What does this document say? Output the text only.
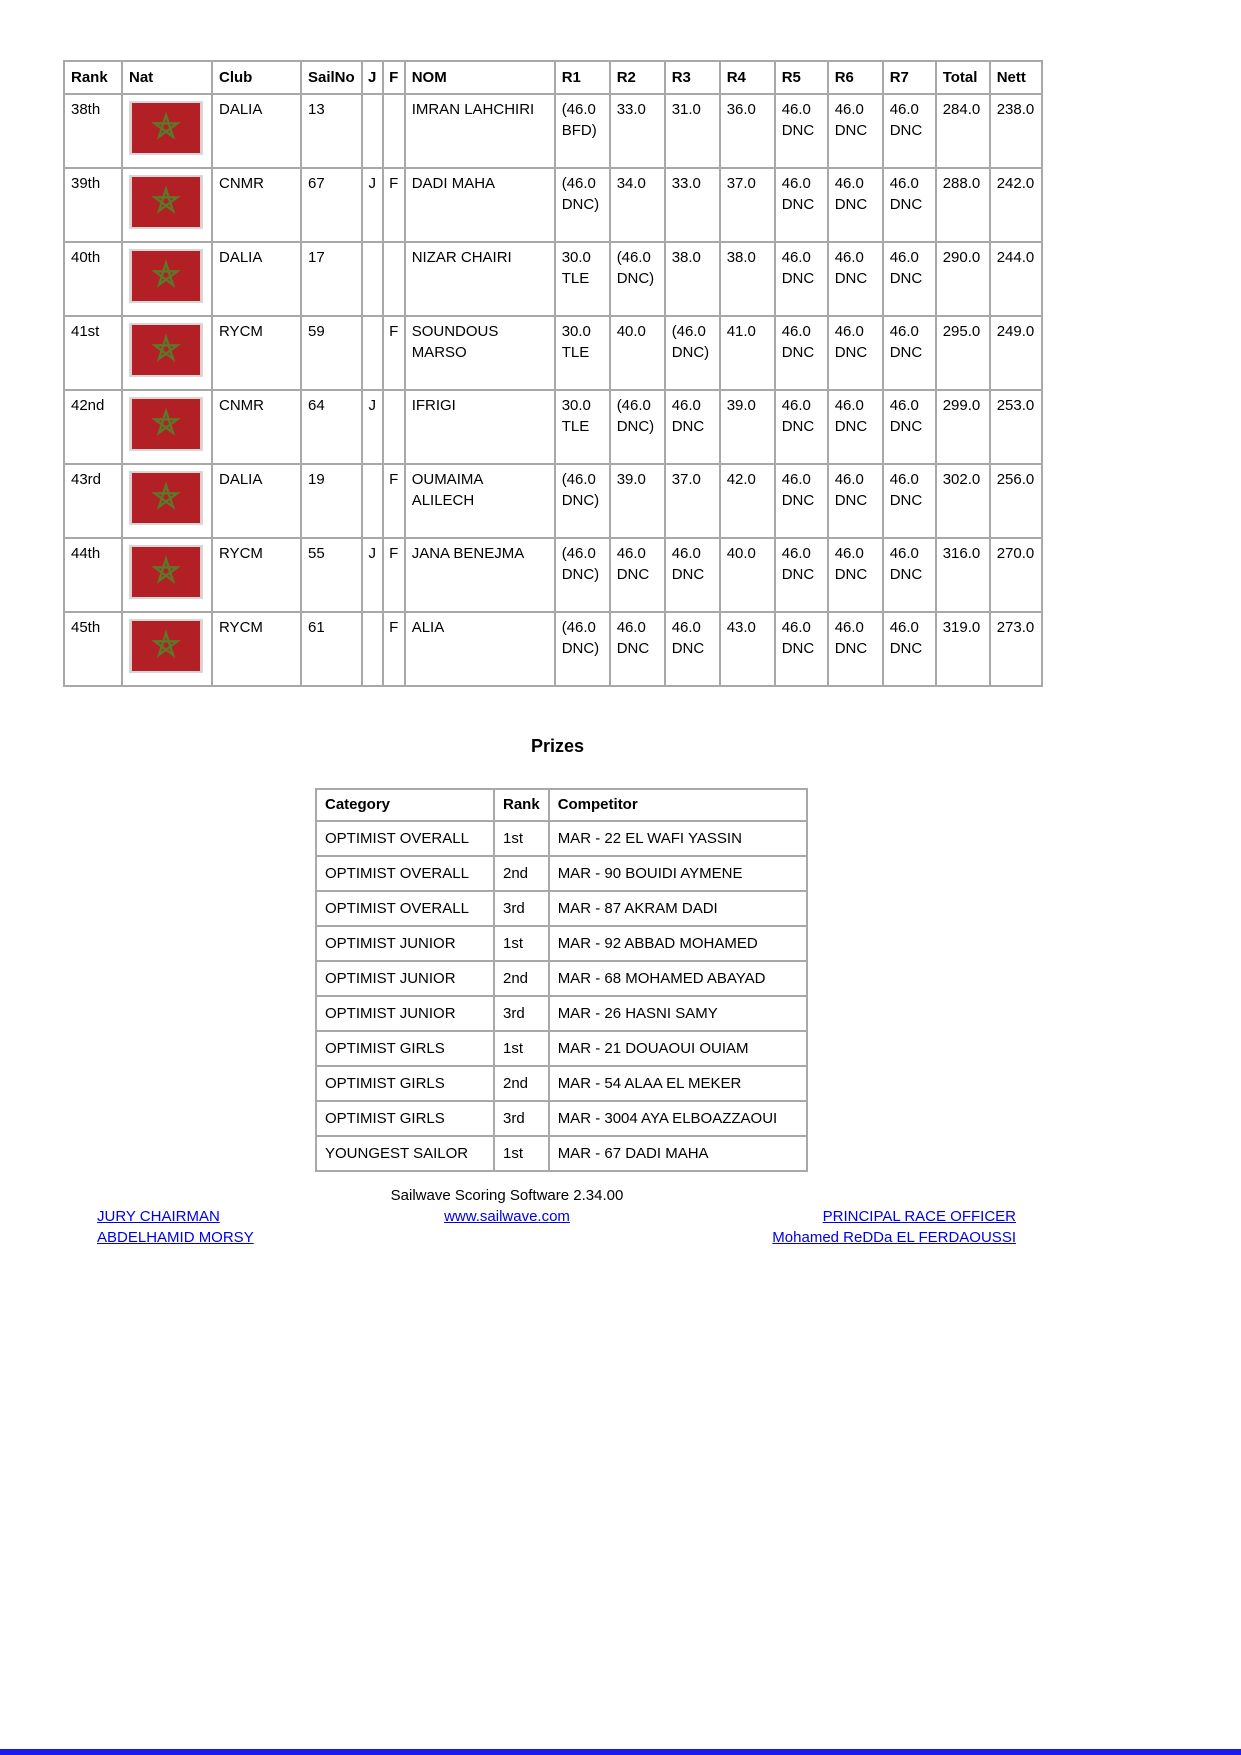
Rank	Nat	Club	SailNo	J	F	NOM	R1	R2	R3	R4	R5	R6	R7	Total	Nett
38th		DALIA	13			IMRAN LAHCHIRI	(46.0 BFD)	33.0	31.0	36.0	46.0 DNC	46.0 DNC	46.0 DNC	284.0	238.0
39th		CNMR	67	J	F	DADI MAHA	(46.0 DNC)	34.0	33.0	37.0	46.0 DNC	46.0 DNC	46.0 DNC	288.0	242.0
40th		DALIA	17			NIZAR CHAIRI	30.0 TLE	(46.0 DNC)	38.0	38.0	46.0 DNC	46.0 DNC	46.0 DNC	290.0	244.0
41st		RYCM	59		F	SOUNDOUS MARSO	30.0 TLE	40.0	(46.0 DNC)	41.0	46.0 DNC	46.0 DNC	46.0 DNC	295.0	249.0
42nd		CNMR	64	J		IFRIGI	30.0 TLE	(46.0 DNC)	46.0 DNC	39.0	46.0 DNC	46.0 DNC	46.0 DNC	299.0	253.0
43rd		DALIA	19		F	OUMAIMA ALILECH	(46.0 DNC)	39.0	37.0	42.0	46.0 DNC	46.0 DNC	46.0 DNC	302.0	256.0
44th		RYCM	55	J	F	JANA BENEJMA	(46.0 DNC)	46.0 DNC	46.0 DNC	40.0	46.0 DNC	46.0 DNC	46.0 DNC	316.0	270.0
45th		RYCM	61		F	ALIA	(46.0 DNC)	46.0 DNC	46.0 DNC	43.0	46.0 DNC	46.0 DNC	46.0 DNC	319.0	273.0
Prizes
Category	Rank	Competitor
OPTIMIST OVERALL	1st	MAR - 22 EL WAFI YASSIN
OPTIMIST OVERALL	2nd	MAR - 90 BOUIDI AYMENE
OPTIMIST OVERALL	3rd	MAR - 87 AKRAM DADI
OPTIMIST JUNIOR	1st	MAR - 92 ABBAD MOHAMED
OPTIMIST JUNIOR	2nd	MAR - 68 MOHAMED ABAYAD
OPTIMIST JUNIOR	3rd	MAR - 26 HASNI SAMY
OPTIMIST GIRLS	1st	MAR - 21 DOUAOUI OUIAM
OPTIMIST GIRLS	2nd	MAR - 54 ALAA EL MEKER
OPTIMIST GIRLS	3rd	MAR - 3004 AYA ELBOAZZAOUI
YOUNGEST SAILOR	1st	MAR - 67 DADI MAHA
Sailwave Scoring Software 2.34.00
www.sailwave.com
JURY CHAIRMAN
ABDELHAMID MORSY
PRINCIPAL RACE OFFICER
Mohamed ReDDa EL FERDAOUSSI
